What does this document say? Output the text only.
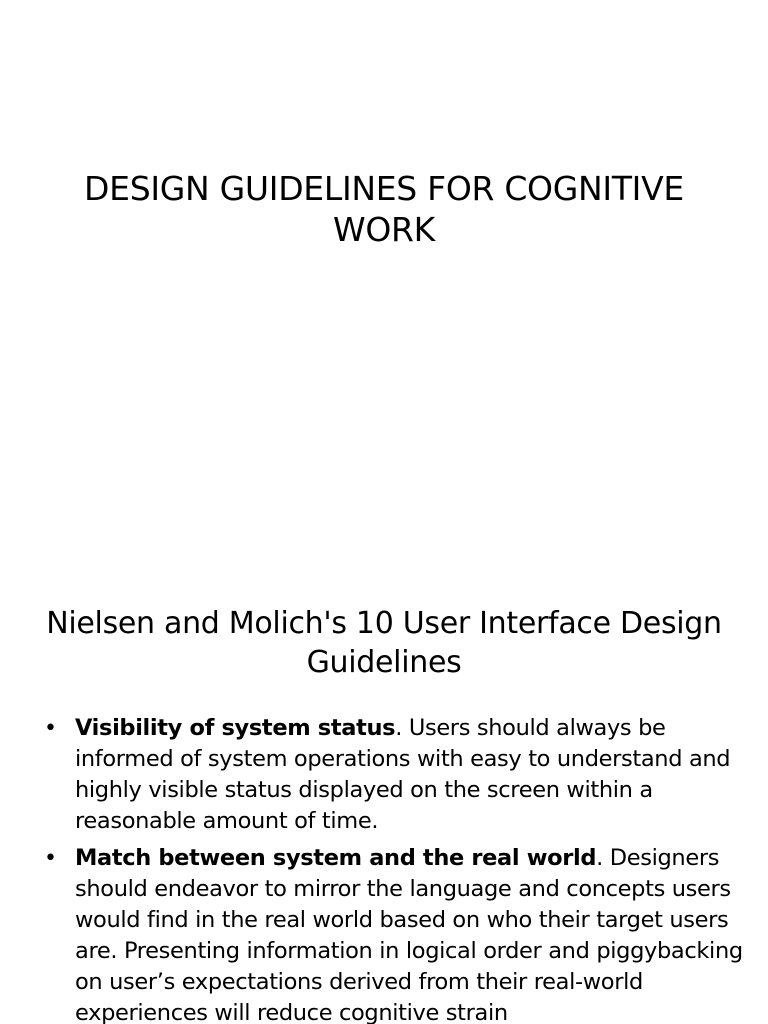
DESIGN GUIDELINES FOR COGNITIVE WORK
Nielsen and Molich's 10 User Interface Design Guidelines
• Visibility of system status. Users should always be informed of system operations with easy to understand and highly visible status displayed on the screen within a reasonable amount of time.
• Match between system and the real world. Designers should endeavor to mirror the language and concepts users would find in the real world based on who their target users are. Presenting information in logical order and piggybacking on user’s expectations derived from their real-world experiences will reduce cognitive strain
